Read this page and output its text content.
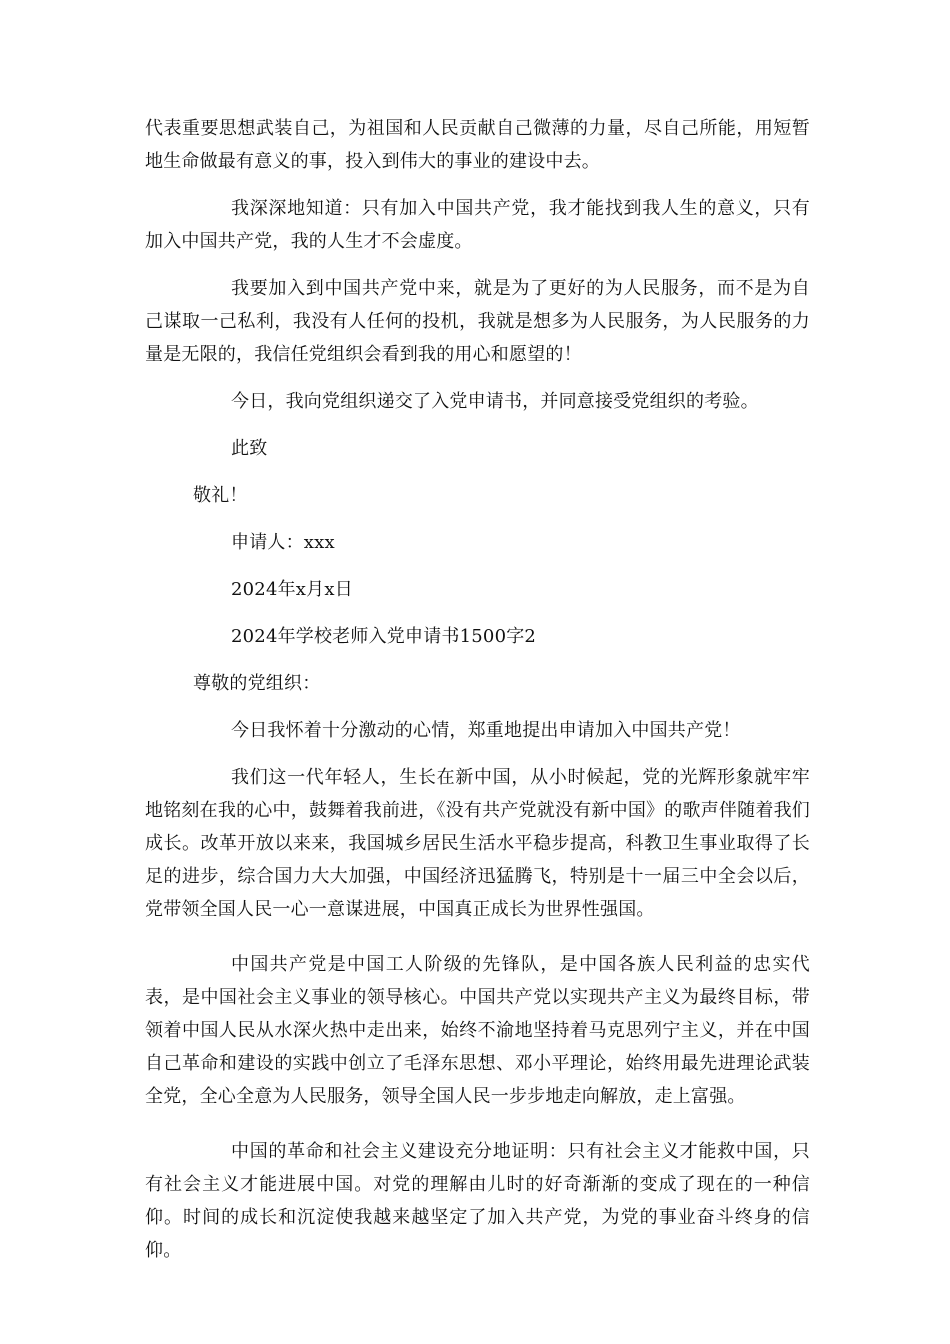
代表重要思想武装自己，为祖国和人民贡献自己微薄的力量，尽自己所能，用短暂地生命做最有意义的事，投入到伟大的事业的建设中去。

我深深地知道：只有加入中国共产党，我才能找到我人生的意义，只有加入中国共产党，我的人生才不会虚度。

我要加入到中国共产党中来，就是为了更好的为人民服务，而不是为自己谋取一己私利，我没有人任何的投机，我就是想多为人民服务，为人民服务的力量是无限的，我信任党组织会看到我的用心和愿望的！

今日，我向党组织递交了入党申请书，并同意接受党组织的考验。

此致

敬礼！

申请人：xxx

2024年x月x日

2024年学校老师入党申请书1500字2

尊敬的党组织：

今日我怀着十分激动的心情，郑重地提出申请加入中国共产党！

我们这一代年轻人，生长在新中国，从小时候起，党的光辉形象就牢牢地铭刻在我的心中，鼓舞着我前进，《没有共产党就没有新中国》的歌声伴随着我们成长。改革开放以来来，我国城乡居民生活水平稳步提高，科教卫生事业取得了长足的进步，综合国力大大加强，中国经济迅猛腾飞，特别是十一届三中全会以后，党带领全国人民一心一意谋进展，中国真正成长为世界性强国。

中国共产党是中国工人阶级的先锋队，是中国各族人民利益的忠实代表，是中国社会主义事业的领导核心。中国共产党以实现共产主义为最终目标，带领着中国人民从水深火热中走出来，始终不渝地坚持着马克思列宁主义，并在中国自己革命和建设的实践中创立了毛泽东思想、邓小平理论，始终用最先进理论武装全党，全心全意为人民服务，领导全国人民一步步地走向解放，走上富强。

中国的革命和社会主义建设充分地证明：只有社会主义才能救中国，只有社会主义才能进展中国。对党的理解由儿时的好奇渐渐的变成了现在的一种信仰。时间的成长和沉淀使我越来越坚定了加入共产党，为党的事业奋斗终身的信仰。
